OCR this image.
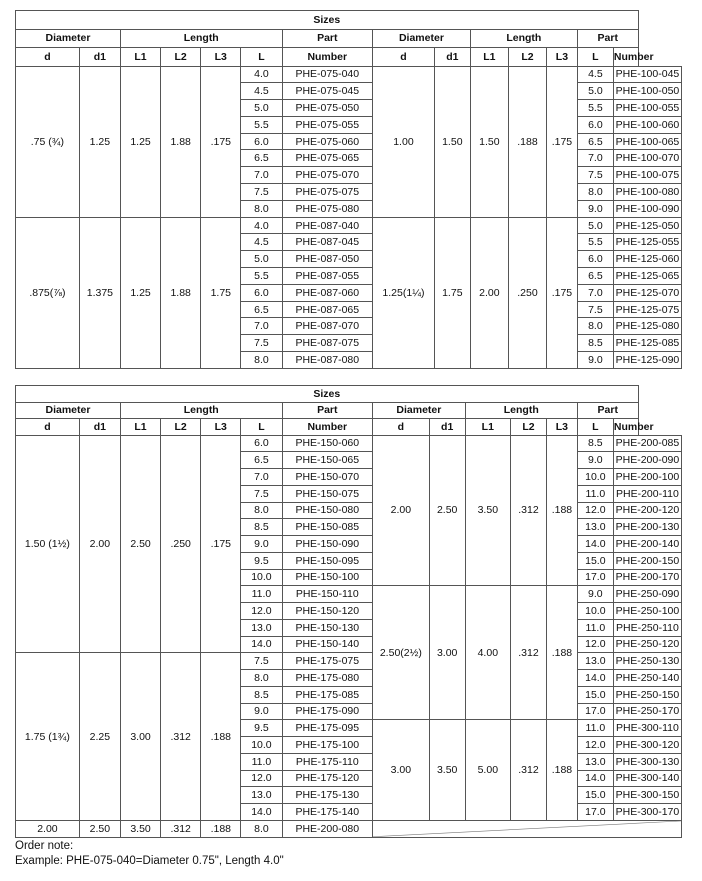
Sizes													
Diameter		Length				Part	Diameter		Length			Part	
d	d1	L1	L2	L3	L	Number	d	d1	L1	L2	L3	L	Number
.75 (¾)	1.25	1.25	1.88	.175	4.0	PHE-075-040	1.00	1.50	1.50	.188	.175	4.5	PHE-100-045
					4.5	PHE-075-045						5.0	PHE-100-050
					5.0	PHE-075-050						5.5	PHE-100-055
					5.5	PHE-075-055						6.0	PHE-100-060
					6.0	PHE-075-060						6.5	PHE-100-065
					6.5	PHE-075-065						7.0	PHE-100-070
					7.0	PHE-075-070						7.5	PHE-100-075
					7.5	PHE-075-075						8.0	PHE-100-080
					8.0	PHE-075-080						9.0	PHE-100-090
.875(⅞)	1.375	1.25	1.88	1.75	4.0	PHE-087-040	1.25(1¼)	1.75	2.00	.250	.175	5.0	PHE-125-050
					4.5	PHE-087-045						5.5	PHE-125-055
					5.0	PHE-087-050						6.0	PHE-125-060
					5.5	PHE-087-055						6.5	PHE-125-065
					6.0	PHE-087-060						7.0	PHE-125-070
					6.5	PHE-087-065						7.5	PHE-125-075
					7.0	PHE-087-070						8.0	PHE-125-080
					7.5	PHE-087-075						8.5	PHE-125-085
					8.0	PHE-087-080						9.0	PHE-125-090
Sizes													
Diameter		Length				Part	Diameter		Length			Part	
d	d1	L1	L2	L3	L	Number	d	d1	L1	L2	L3	L	Number
1.50 (1½)	2.00	2.50	.250	.175	6.0	PHE-150-060	2.00	2.50	3.50	.312	.188	8.5	PHE-200-085
					6.5	PHE-150-065						9.0	PHE-200-090
					7.0	PHE-150-070						10.0	PHE-200-100
					7.5	PHE-150-075						11.0	PHE-200-110
					8.0	PHE-150-080						12.0	PHE-200-120
					8.5	PHE-150-085						13.0	PHE-200-130
					9.0	PHE-150-090						14.0	PHE-200-140
					9.5	PHE-150-095						15.0	PHE-200-150
					10.0	PHE-150-100						17.0	PHE-200-170
					11.0	PHE-150-110	2.50(2½)	3.00	4.00	.312	.188	9.0	PHE-250-090
					12.0	PHE-150-120						10.0	PHE-250-100
					13.0	PHE-150-130						11.0	PHE-250-110
					14.0	PHE-150-140						12.0	PHE-250-120
1.75 (1¾)	2.25	3.00	.312	.188	7.5	PHE-175-075						13.0	PHE-250-130
					8.0	PHE-175-080						14.0	PHE-250-140
					8.5	PHE-175-085						15.0	PHE-250-150
					9.0	PHE-175-090						17.0	PHE-250-170
					9.5	PHE-175-095	3.00	3.50	5.00	.312	.188	11.0	PHE-300-110
					10.0	PHE-175-100						12.0	PHE-300-120
					11.0	PHE-175-110						13.0	PHE-300-130
					12.0	PHE-175-120						14.0	PHE-300-140
					13.0	PHE-175-130						15.0	PHE-300-150
					14.0	PHE-175-140						17.0	PHE-300-170
2.00	2.50	3.50	.312	.188	8.0	PHE-200-080	
Order note:
Example: PHE-075-040=Diameter 0.75", Length 4.0"
